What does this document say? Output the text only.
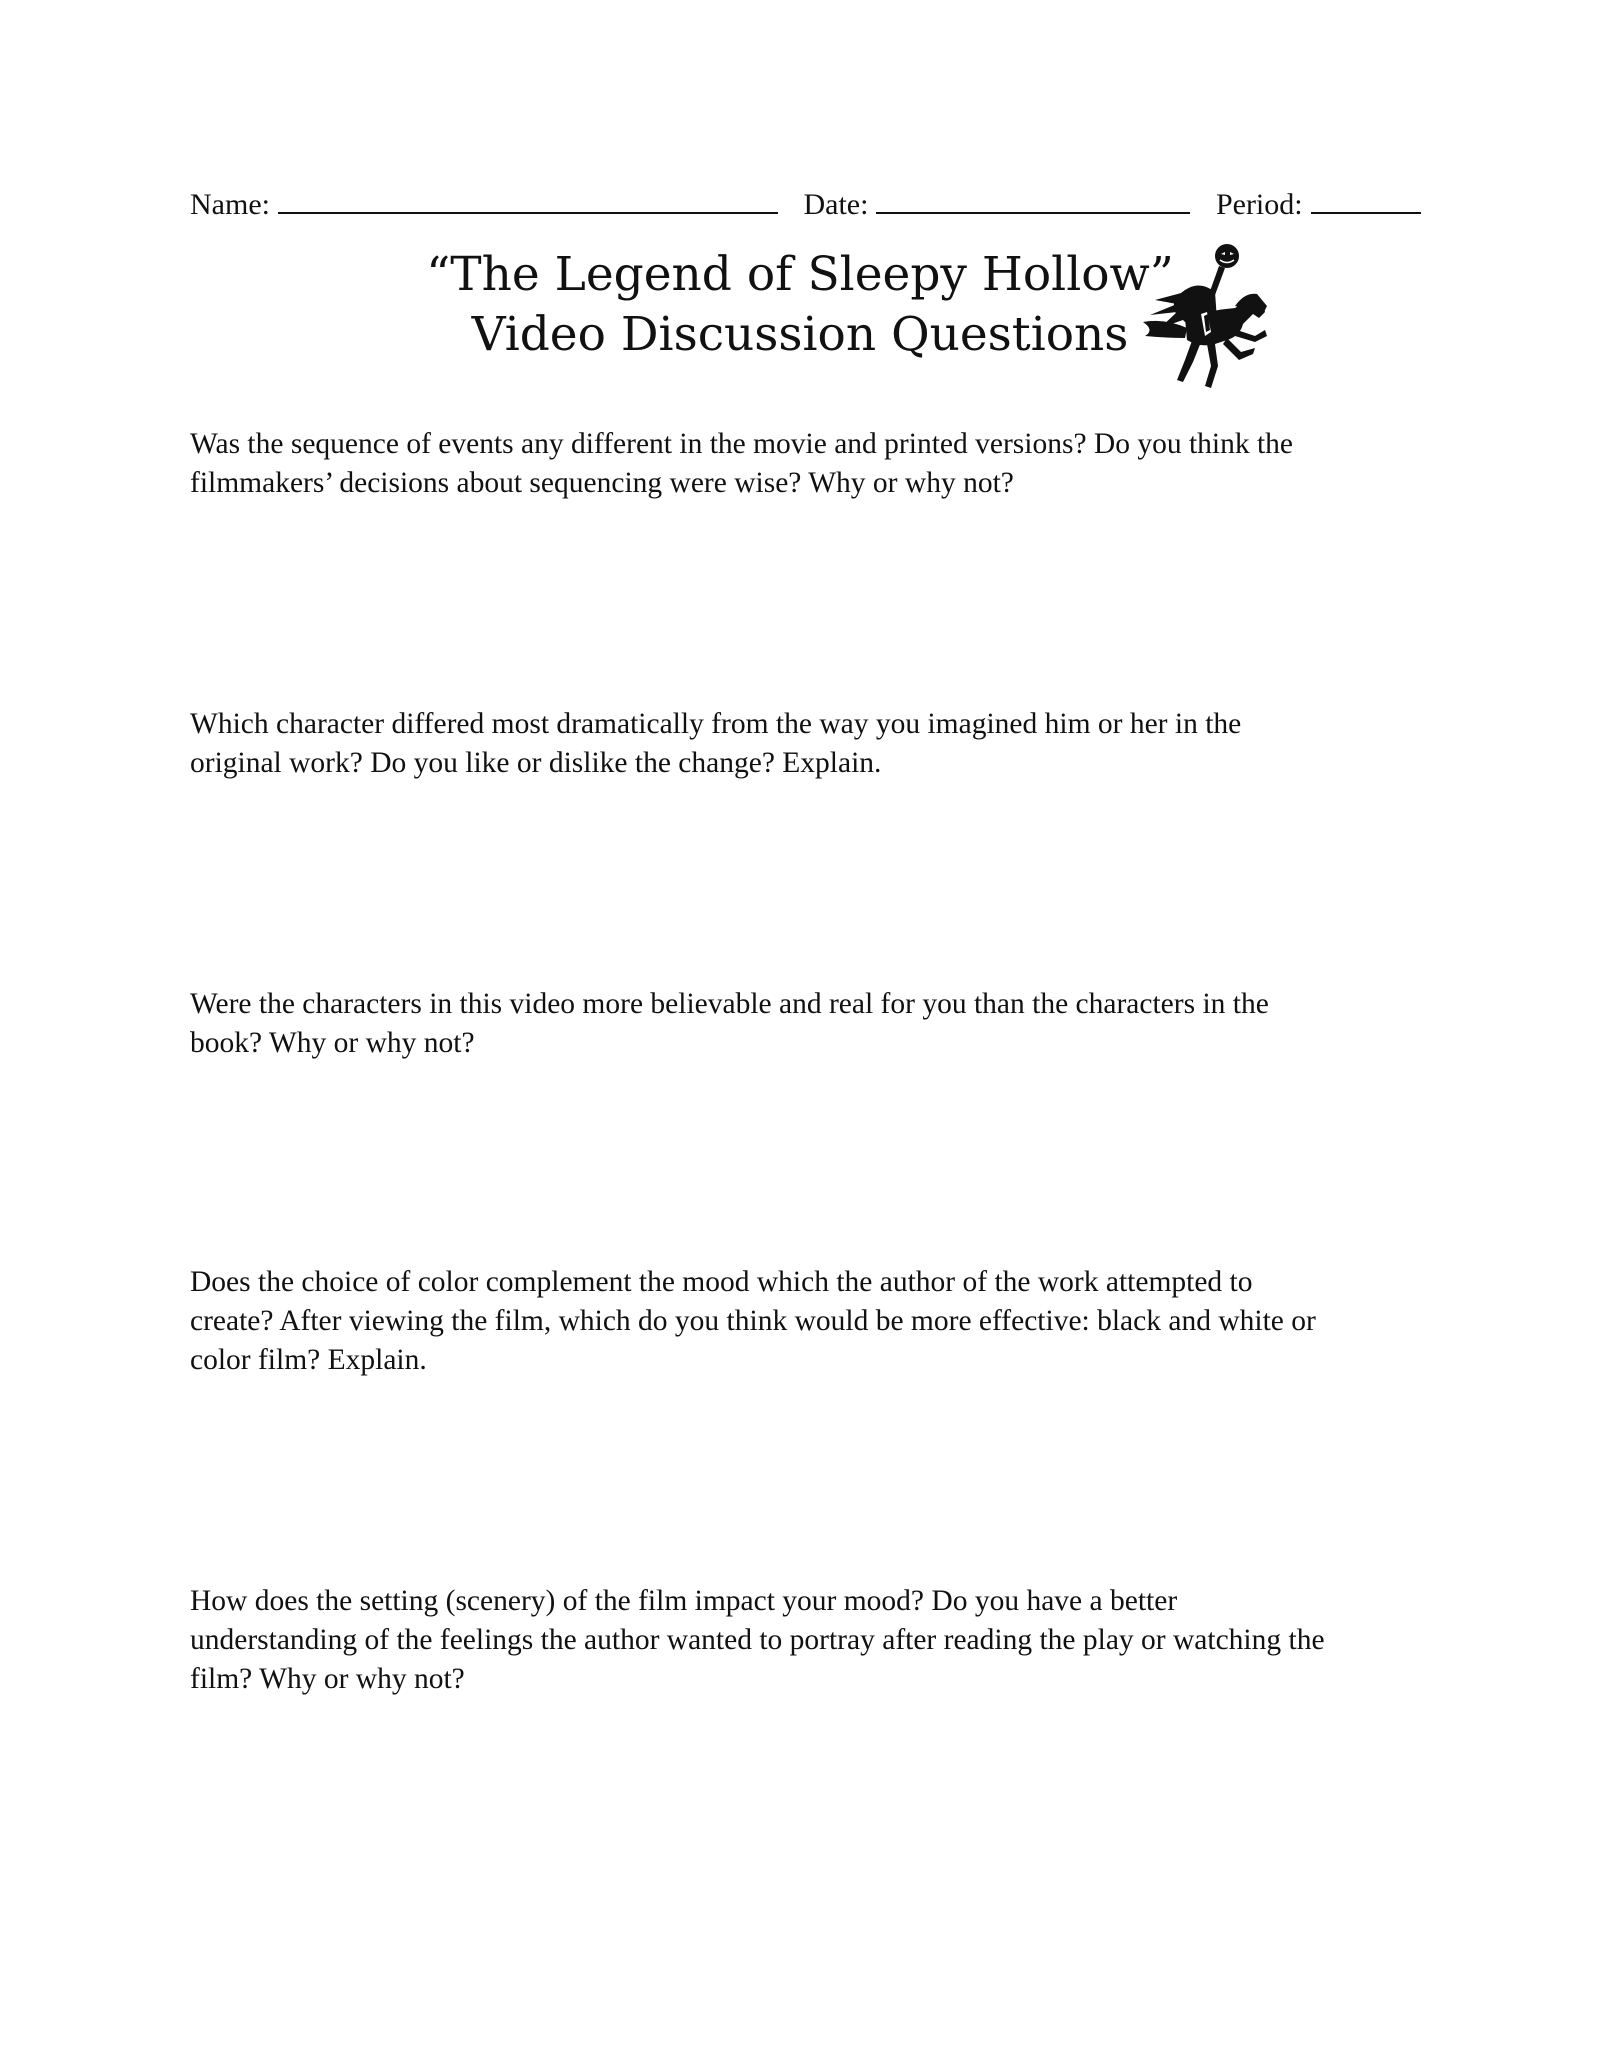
Name:	Date:	Period:
“The Legend of Sleepy Hollow”
Video Discussion Questions
Was the sequence of events any different in the movie and printed versions? Do you think the
filmmakers’ decisions about sequencing were wise? Why or why not?
Which character differed most dramatically from the way you imagined him or her in the
original work? Do you like or dislike the change? Explain.
Were the characters in this video more believable and real for you than the characters in the
book? Why or why not?
Does the choice of color complement the mood which the author of the work attempted to
create? After viewing the film, which do you think would be more effective: black and white or
color film? Explain.
How does the setting (scenery) of the film impact your mood? Do you have a better
understanding of the feelings the author wanted to portray after reading the play or watching the
film? Why or why not?
